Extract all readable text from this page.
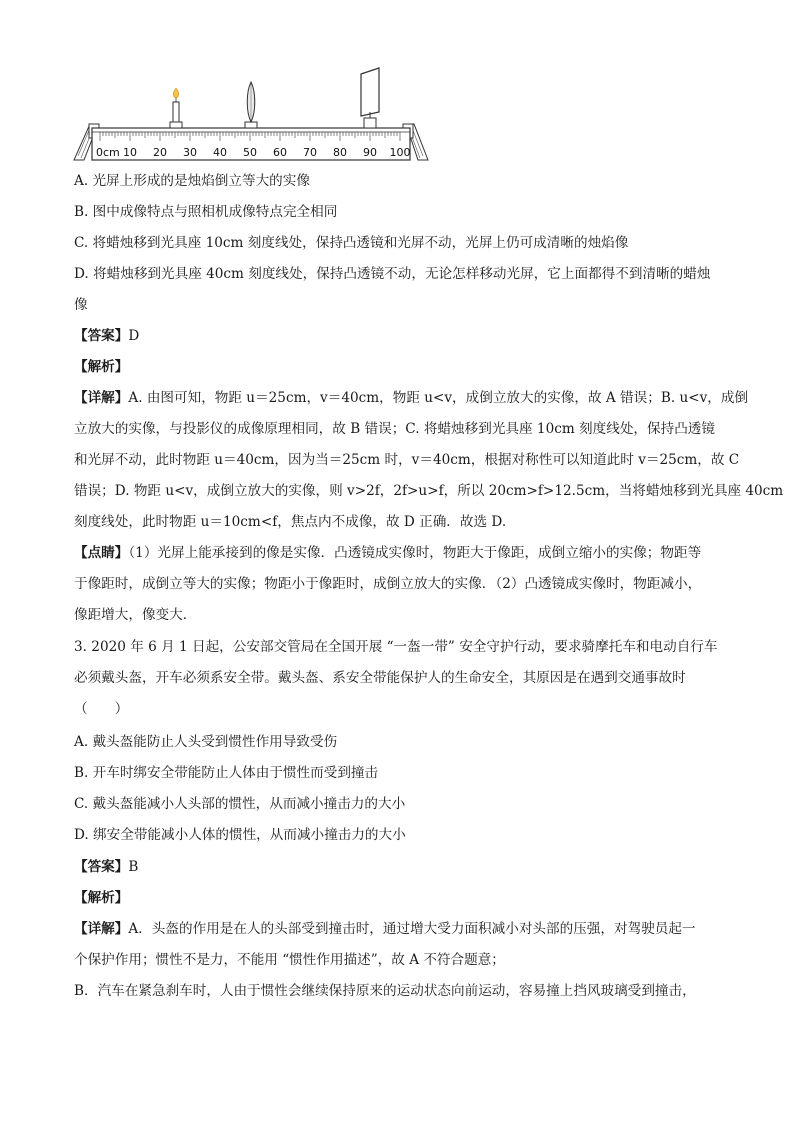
0cm 10 20 30 40 50 60 70 80 90 100
A. 光屏上形成的是烛焰倒立等大的实像
B. 图中成像特点与照相机成像特点完全相同
C. 将蜡烛移到光具座 10cm 刻度线处，保持凸透镜和光屏不动，光屏上仍可成清晰的烛焰像
D. 将蜡烛移到光具座 40cm 刻度线处，保持凸透镜不动，无论怎样移动光屏，它上面都得不到清晰的蜡烛
像
【答案】D
【解析】
【详解】A. 由图可知，物距 u＝25cm，v＝40cm，物距 u<v，成倒立放大的实像，故 A 错误；B. u<v，成倒
立放大的实像，与投影仪的成像原理相同，故 B 错误；C. 将蜡烛移到光具座 10cm 刻度线处，保持凸透镜
和光屏不动，此时物距 u＝40cm，因为当＝25cm 时，v＝40cm，根据对称性可以知道此时 v＝25cm，故 C
错误；D. 物距 u<v，成倒立放大的实像，则 v>2f，2f>u>f，所以 20cm>f>12.5cm，当将蜡烛移到光具座 40cm
刻度线处，此时物距 u＝10cm<f，焦点内不成像，故 D 正确．故选 D.
【点睛】（1）光屏上能承接到的像是实像．凸透镜成实像时，物距大于像距，成倒立缩小的实像；物距等
于像距时，成倒立等大的实像；物距小于像距时，成倒立放大的实像．（2）凸透镜成实像时，物距减小，
像距增大，像变大．
3. 2020 年 6 月 1 日起，公安部交管局在全国开展 “一盔一带” 安全守护行动，要求骑摩托车和电动自行车
必须戴头盔，开车必须系安全带。戴头盔、系安全带能保护人的生命安全，其原因是在遇到交通事故时
（　　）
A. 戴头盔能防止人头受到惯性作用导致受伤
B. 开车时绑安全带能防止人体由于惯性而受到撞击
C. 戴头盔能减小人头部的惯性，从而减小撞击力的大小
D. 绑安全带能减小人体的惯性，从而减小撞击力的大小
【答案】B
【解析】
【详解】A．头盔的作用是在人的头部受到撞击时，通过增大受力面积减小对头部的压强，对驾驶员起一
个保护作用；惯性不是力，不能用 “惯性作用描述”，故 A 不符合题意；
B．汽车在紧急刹车时，人由于惯性会继续保持原来的运动状态向前运动，容易撞上挡风玻璃受到撞击，
